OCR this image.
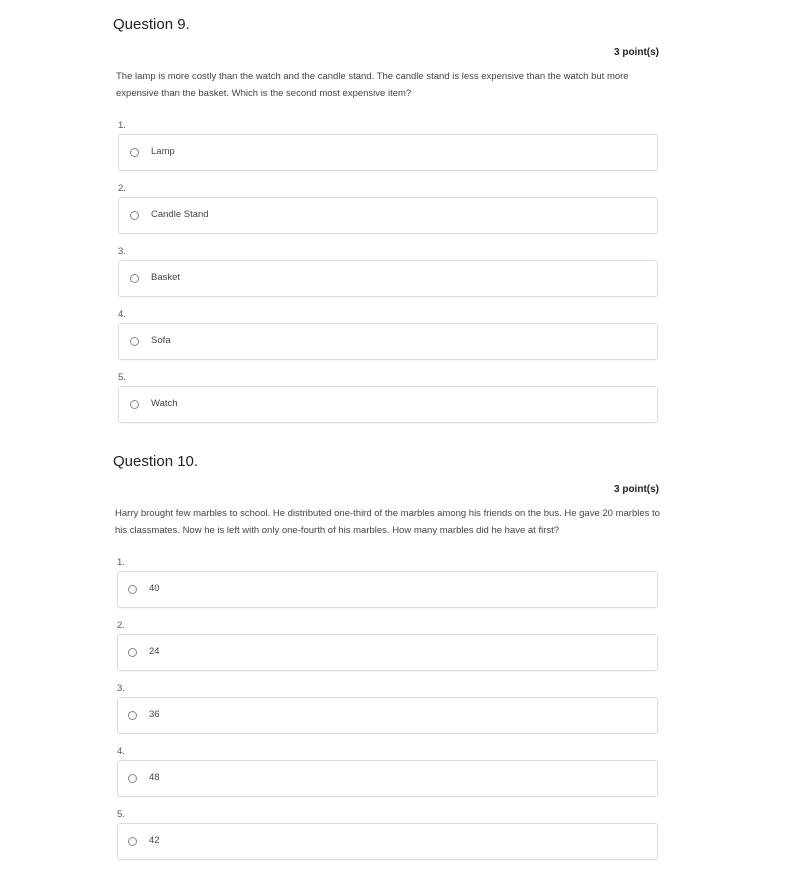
Question 9.
3 point(s)

The lamp is more costly than the watch and the candle stand. The candle stand is less expensive than the watch but more expensive than the basket. Which is the second most expensive item?

1.
Lamp
2.
Candle Stand
3.
Basket
4.
Sofa
5.
Watch
Question 10.
3 point(s)

Harry brought few marbles to school. He distributed one-third of the marbles among his friends on the bus. He gave 20 marbles to his classmates. Now he is left with only one-fourth of his marbles. How many marbles did he have at first?

1.
40
2.
24
3.
36
4.
48
5.
42
